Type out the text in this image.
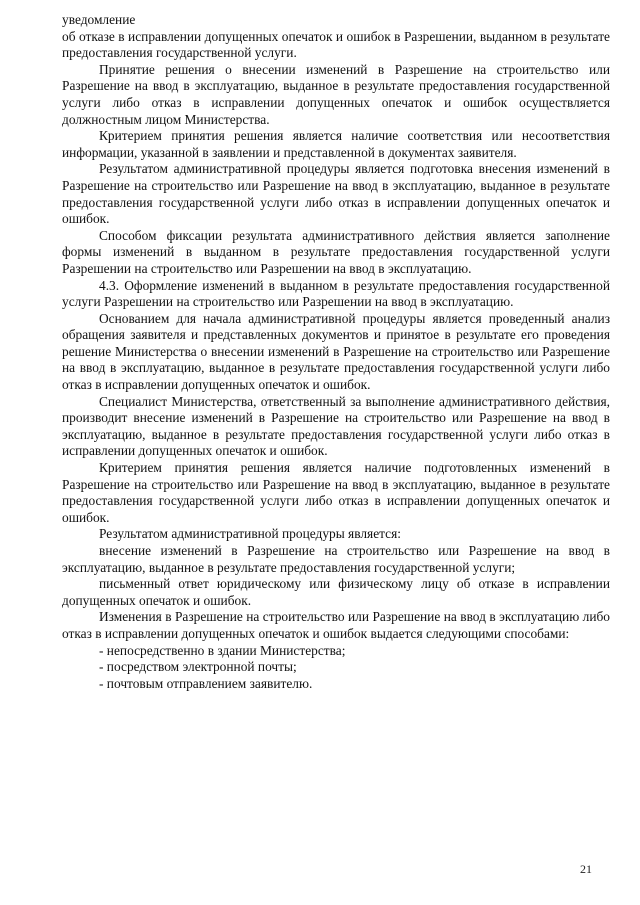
уведомление

об отказе в исправлении допущенных опечаток и ошибок в Разрешении, выданном в результате предоставления государственной услуги.

Принятие решения о внесении изменений в Разрешение на строительство или Разрешение на ввод в эксплуатацию, выданное в результате предоставления государственной услуги либо отказ в исправлении допущенных опечаток и ошибок осуществляется должностным лицом Министерства.

Критерием принятия решения является наличие соответствия или несоответствия информации, указанной в заявлении и представленной в документах заявителя.

Результатом административной процедуры является подготовка внесения изменений в Разрешение на строительство или Разрешение на ввод в эксплуатацию, выданное в результате предоставления государственной услуги либо отказ в исправлении допущенных опечаток и ошибок.

Способом фиксации результата административного действия является заполнение формы изменений в выданном в результате предоставления государственной услуги Разрешении на строительство или Разрешении на ввод в эксплуатацию.

4.3. Оформление изменений в выданном в результате предоставления государственной услуги Разрешении на строительство или Разрешении на ввод в эксплуатацию.

Основанием для начала административной процедуры является проведенный анализ обращения заявителя и представленных документов и принятое в результате его проведения решение Министерства о внесении изменений в Разрешение на строительство или Разрешение на ввод в эксплуатацию, выданное в результате предоставления государственной услуги либо отказ в исправлении допущенных опечаток и ошибок.

Специалист Министерства, ответственный за выполнение административного действия, производит внесение изменений в Разрешение на строительство или Разрешение на ввод в эксплуатацию, выданное в результате предоставления государственной услуги либо отказ в исправлении допущенных опечаток и ошибок.

Критерием принятия решения является наличие подготовленных изменений в Разрешение на строительство или Разрешение на ввод в эксплуатацию, выданное в результате предоставления государственной услуги либо отказ в исправлении допущенных опечаток и ошибок.

Результатом административной процедуры является:

внесение изменений в Разрешение на строительство или Разрешение на ввод в эксплуатацию, выданное в результате предоставления государственной услуги;

письменный ответ юридическому или физическому лицу об отказе в исправлении допущенных опечаток и ошибок.

Изменения в Разрешение на строительство или Разрешение на ввод в эксплуатацию либо отказ в исправлении допущенных опечаток и ошибок выдается следующими способами:

- непосредственно в здании Министерства;

- посредством электронной почты;

- почтовым отправлением заявителю.

21
